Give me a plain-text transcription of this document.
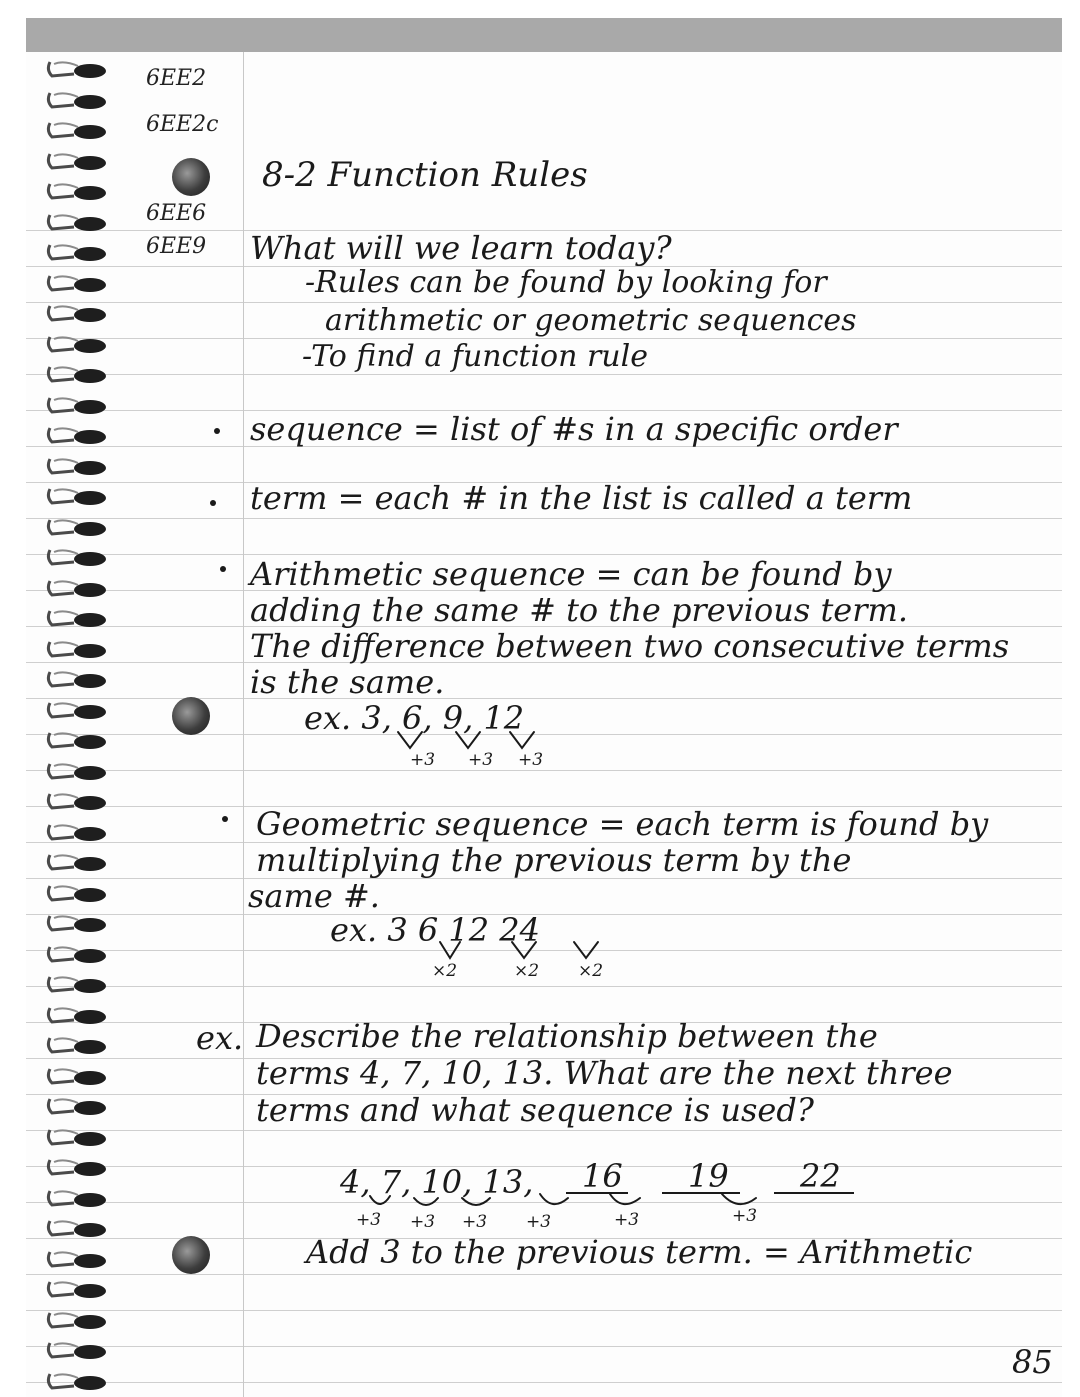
6EE2
6EE2c
6EE6
6EE9
8-2 Function Rules
What will we learn today?
-Rules can be found by looking for
arithmetic or geometric sequences
-To find a function rule
sequence = list of #s in a specific order
term = each # in the list is called a term
Arithmetic sequence = can be found by
adding the same # to the previous term.
The difference between two consecutive terms
is the same.
ex. 3, 6, 9, 12
+3 +3 +3
Geometric sequence = each term is found by
multiplying the previous term by the
same #.
ex. 3 6 12 24
×2	×2 ×2
ex. Describe the relationship between the
terms 4, 7, 10, 13. What are the next three
terms and what sequence is used?
4, 7, 10, 13, 16 19 22
+3 +3 +3 +3	+3	+3
Add 3 to the previous term. = Arithmetic
85
